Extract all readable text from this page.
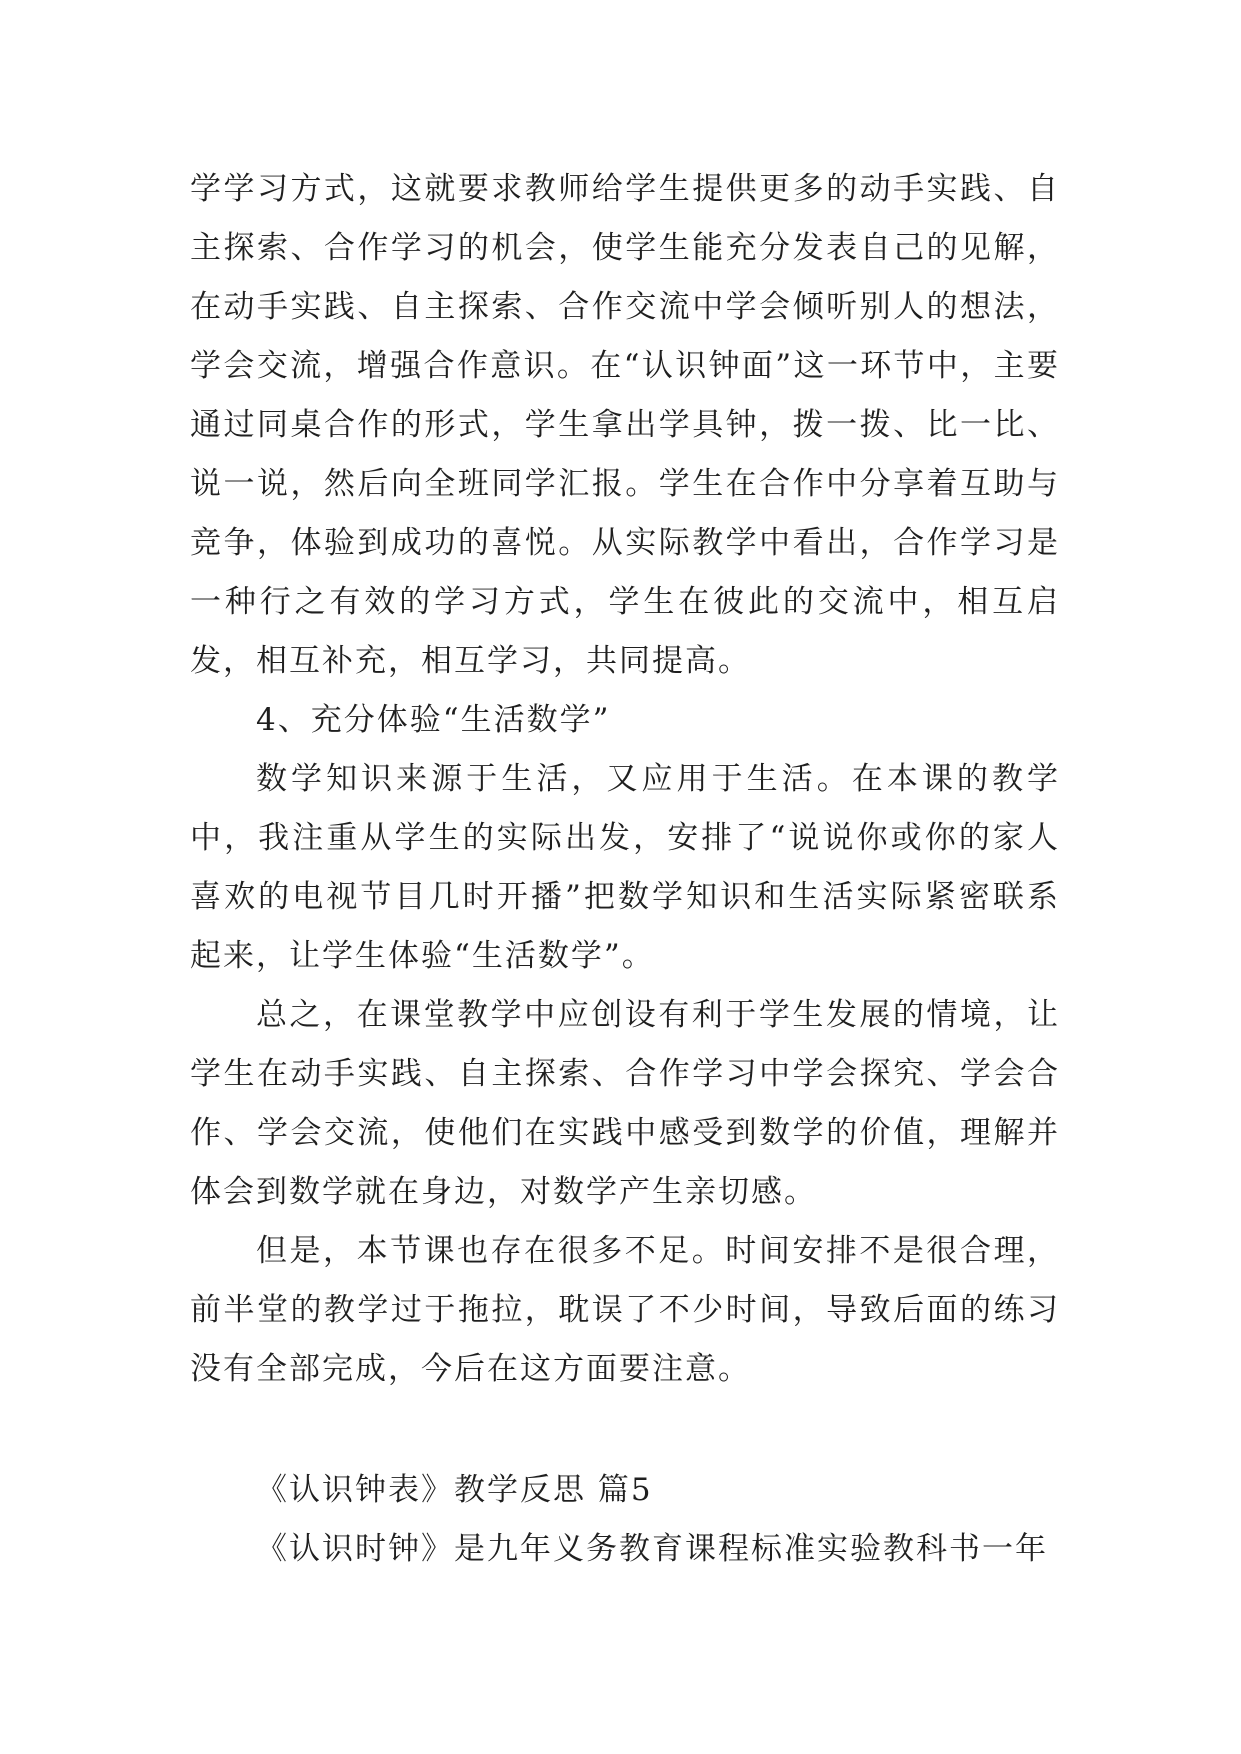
学学习方式，这就要求教师给学生提供更多的动手实践、自主探索、合作学习的机会，使学生能充分发表自己的见解，在动手实践、自主探索、合作交流中学会倾听别人的想法，学会交流，增强合作意识。在“认识钟面”这一环节中，主要通过同桌合作的形式，学生拿出学具钟，拨一拨、比一比、说一说，然后向全班同学汇报。学生在合作中分享着互助与竞争，体验到成功的喜悦。从实际教学中看出，合作学习是一种行之有效的学习方式，学生在彼此的交流中，相互启发，相互补充，相互学习，共同提高。

4、充分体验“生活数学”

数学知识来源于生活，又应用于生活。在本课的教学中，我注重从学生的实际出发，安排了“说说你或你的家人喜欢的电视节目几时开播”把数学知识和生活实际紧密联系起来，让学生体验“生活数学”。

总之，在课堂教学中应创设有利于学生发展的情境，让学生在动手实践、自主探索、合作学习中学会探究、学会合作、学会交流，使他们在实践中感受到数学的价值，理解并体会到数学就在身边，对数学产生亲切感。

但是，本节课也存在很多不足。时间安排不是很合理，前半堂的教学过于拖拉，耽误了不少时间，导致后面的练习没有全部完成，今后在这方面要注意。

《认识钟表》教学反思 篇5

《认识时钟》是九年义务教育课程标准实验教科书一年
